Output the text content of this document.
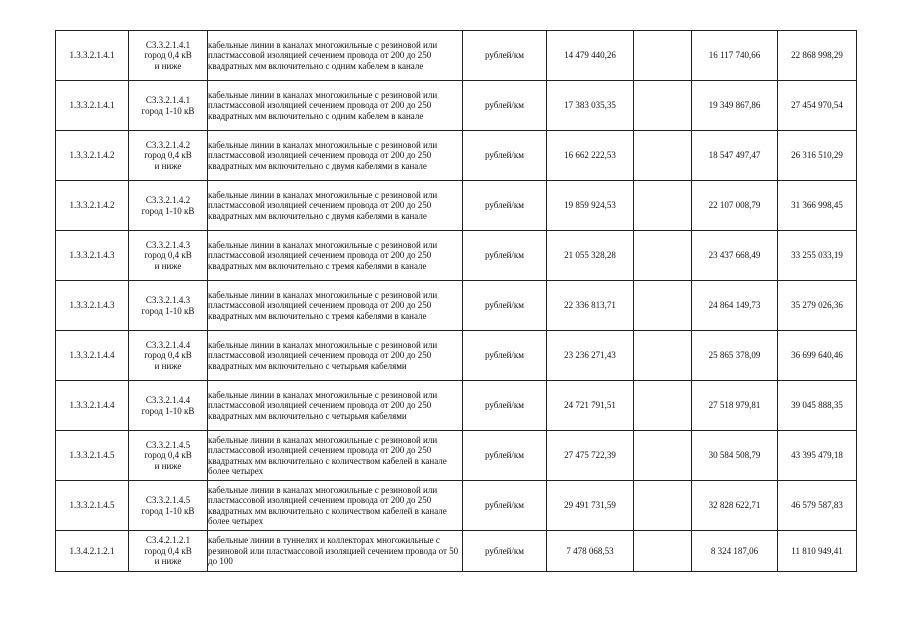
1.3.3.2.1.4.1	С3.3.2.1.4.1
город 0,4 кВ
и ниже	кабельные линии в каналах многожильные с резиновой или пластмассовой изоляцией сечением провода от 200 до 250 квадратных мм включительно с одним кабелем в канале	рублей/км	14 479 440,26		16 117 740,66	22 868 998,29
1.3.3.2.1.4.1	С3.3.2.1.4.1
город 1-10 кВ	кабельные линии в каналах многожильные с резиновой или пластмассовой изоляцией сечением провода от 200 до 250 квадратных мм включительно с одним кабелем в канале	рублей/км	17 383 035,35		19 349 867,86	27 454 970,54
1.3.3.2.1.4.2	С3.3.2.1.4.2
город 0,4 кВ
и ниже	кабельные линии в каналах многожильные с резиновой или пластмассовой изоляцией сечением провода от 200 до 250 квадратных мм включительно с двумя кабелями в канале	рублей/км	16 662 222,53		18 547 497,47	26 316 510,29
1.3.3.2.1.4.2	С3.3.2.1.4.2
город 1-10 кВ	кабельные линии в каналах многожильные с резиновой или пластмассовой изоляцией сечением провода от 200 до 250 квадратных мм включительно с двумя кабелями в канале	рублей/км	19 859 924,53		22 107 008,79	31 366 998,45
1.3.3.2.1.4.3	С3.3.2.1.4.3
город 0,4 кВ
и ниже	кабельные линии в каналах многожильные с резиновой или пластмассовой изоляцией сечением провода от 200 до 250 квадратных мм включительно с тремя кабелями в канале	рублей/км	21 055 328,28		23 437 668,49	33 255 033,19
1.3.3.2.1.4.3	С3.3.2.1.4.3
город 1-10 кВ	кабельные линии в каналах многожильные с резиновой или пластмассовой изоляцией сечением провода от 200 до 250 квадратных мм включительно с тремя кабелями в канале	рублей/км	22 336 813,71		24 864 149,73	35 279 026,36
1.3.3.2.1.4.4	С3.3.2.1.4.4
город 0,4 кВ
и ниже	кабельные линии в каналах многожильные с резиновой или пластмассовой изоляцией сечением провода от 200 до 250 квадратных мм включительно с четырьмя кабелями	рублей/км	23 236 271,43		25 865 378,09	36 699 640,46
1.3.3.2.1.4.4	С3.3.2.1.4.4
город 1-10 кВ	кабельные линии в каналах многожильные с резиновой или пластмассовой изоляцией сечением провода от 200 до 250 квадратных мм включительно с четырьмя кабелями	рублей/км	24 721 791,51		27 518 979,81	39 045 888,35
1.3.3.2.1.4.5	С3.3.2.1.4.5
город 0,4 кВ
и ниже	кабельные линии в каналах многожильные с резиновой или пластмассовой изоляцией сечением провода от 200 до 250 квадратных мм включительно с количеством кабелей в канале более четырех	рублей/км	27 475 722,39		30 584 508,79	43 395 479,18
1.3.3.2.1.4.5	С3.3.2.1.4.5
город 1-10 кВ	кабельные линии в каналах многожильные с резиновой или пластмассовой изоляцией сечением провода от 200 до 250 квадратных мм включительно с количеством кабелей в канале более четырех	рублей/км	29 491 731,59		32 828 622,71	46 579 587,83
1.3.4.2.1.2.1	С3.4.2.1.2.1
город 0,4 кВ
и ниже	кабельные линии в туннелях и коллекторах многожильные с резиновой или пластмассовой изоляцией сечением провода от 50 до 100	рублей/км	7 478 068,53		8 324 187,06	11 810 949,41
